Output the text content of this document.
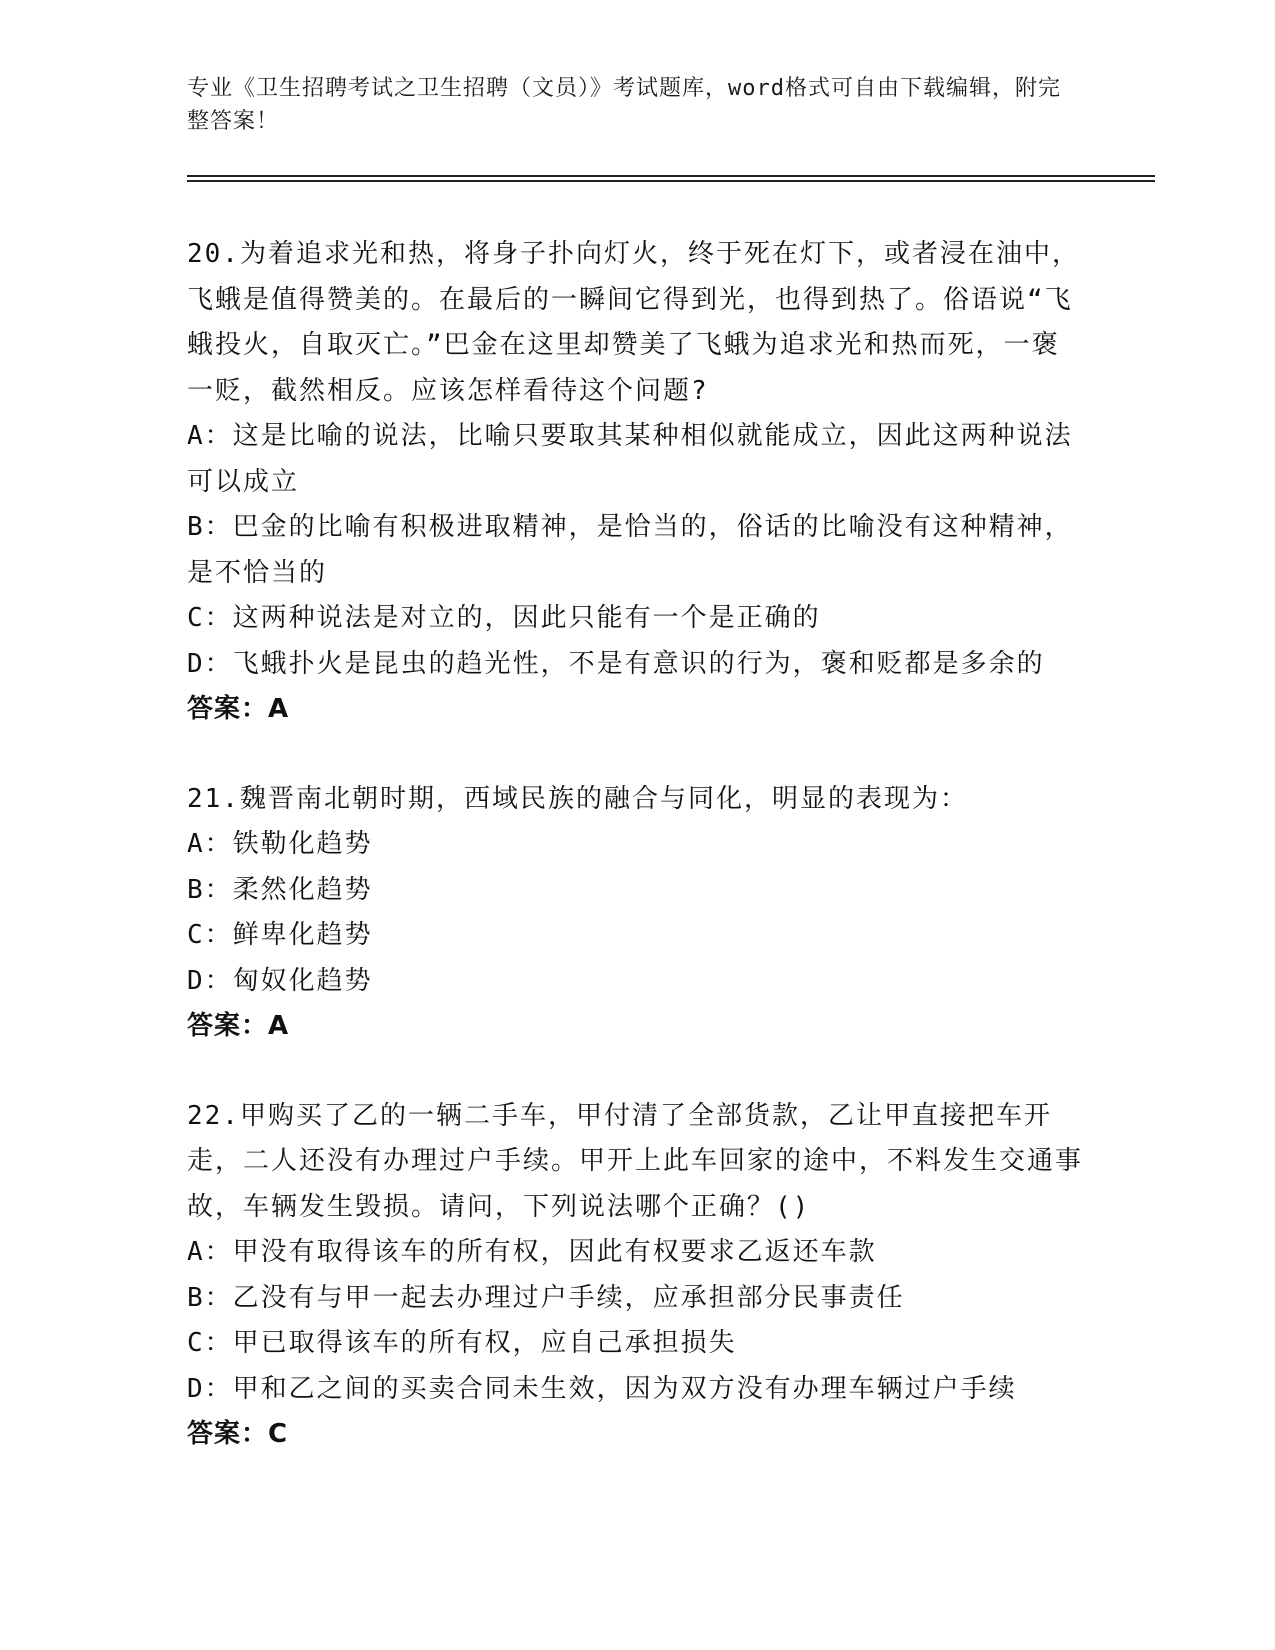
专业《卫生招聘考试之卫生招聘（文员）》考试题库，word格式可自由下载编辑，附完整答案！

20.为着追求光和热，将身子扑向灯火，终于死在灯下，或者浸在油中，飞蛾是值得赞美的。在最后的一瞬间它得到光，也得到热了。俗语说“飞蛾投火，自取灭亡。”巴金在这里却赞美了飞蛾为追求光和热而死，一褒一贬，截然相反。应该怎样看待这个问题?

A：这是比喻的说法，比喻只要取其某种相似就能成立，因此这两种说法可以成立

B：巴金的比喻有积极进取精神，是恰当的，俗话的比喻没有这种精神，是不恰当的

C：这两种说法是对立的，因此只能有一个是正确的

D：飞蛾扑火是昆虫的趋光性，不是有意识的行为，褒和贬都是多余的

答案：A

21.魏晋南北朝时期，西域民族的融合与同化，明显的表现为：

A：铁勒化趋势

B：柔然化趋势

C：鲜卑化趋势

D：匈奴化趋势

答案：A

22.甲购买了乙的一辆二手车，甲付清了全部货款，乙让甲直接把车开走，二人还没有办理过户手续。甲开上此车回家的途中，不料发生交通事故，车辆发生毁损。请问，下列说法哪个正确？()

A：甲没有取得该车的所有权，因此有权要求乙返还车款

B：乙没有与甲一起去办理过户手续，应承担部分民事责任

C：甲已取得该车的所有权，应自己承担损失

D：甲和乙之间的买卖合同未生效，因为双方没有办理车辆过户手续

答案：C
